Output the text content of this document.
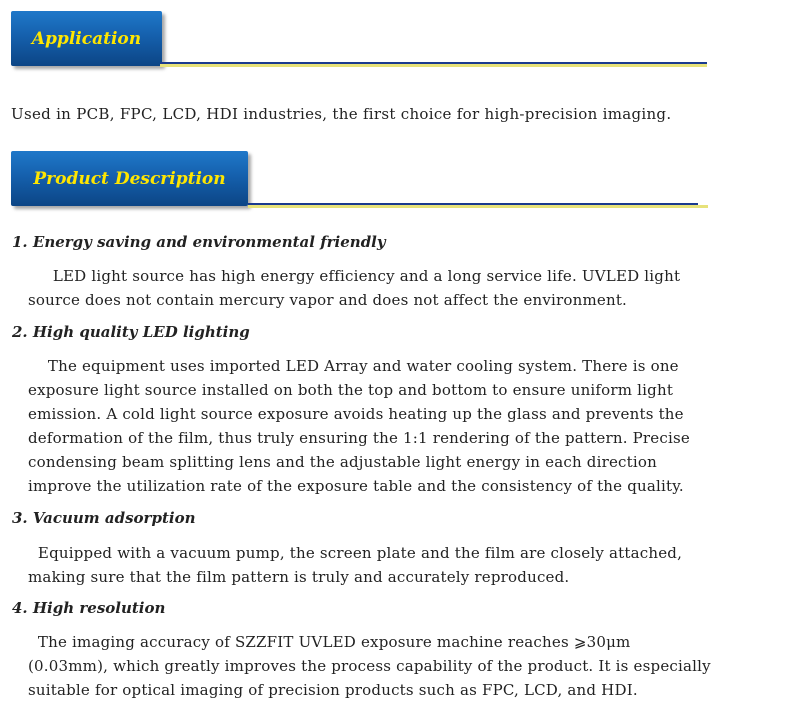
Application
Used in PCB, FPC, LCD, HDI industries, the first choice for high-precision imaging.
Product Description
1. Energy saving and environmental friendly

LED light source has high energy efficiency and a long service life. UVLED light

source does not contain mercury vapor and does not affect the environment.

2. High quality LED lighting

The equipment uses imported LED Array and water cooling system. There is one

exposure light source installed on both the top and bottom to ensure uniform light

emission. A cold light source exposure avoids heating up the glass and prevents the

deformation of the film, thus truly ensuring the 1:1 rendering of the pattern. Precise

condensing beam splitting lens and the adjustable light energy in each direction

improve the utilization rate of the exposure table and the consistency of the quality.

3. Vacuum adsorption

Equipped with a vacuum pump, the screen plate and the film are closely attached,

making sure that the film pattern is truly and accurately reproduced.

4. High resolution

The imaging accuracy of SZZFIT UVLED exposure machine reaches ⩾30μm

(0.03mm), which greatly improves the process capability of the product. It is especially

suitable for optical imaging of precision products such as FPC, LCD, and HDI.
